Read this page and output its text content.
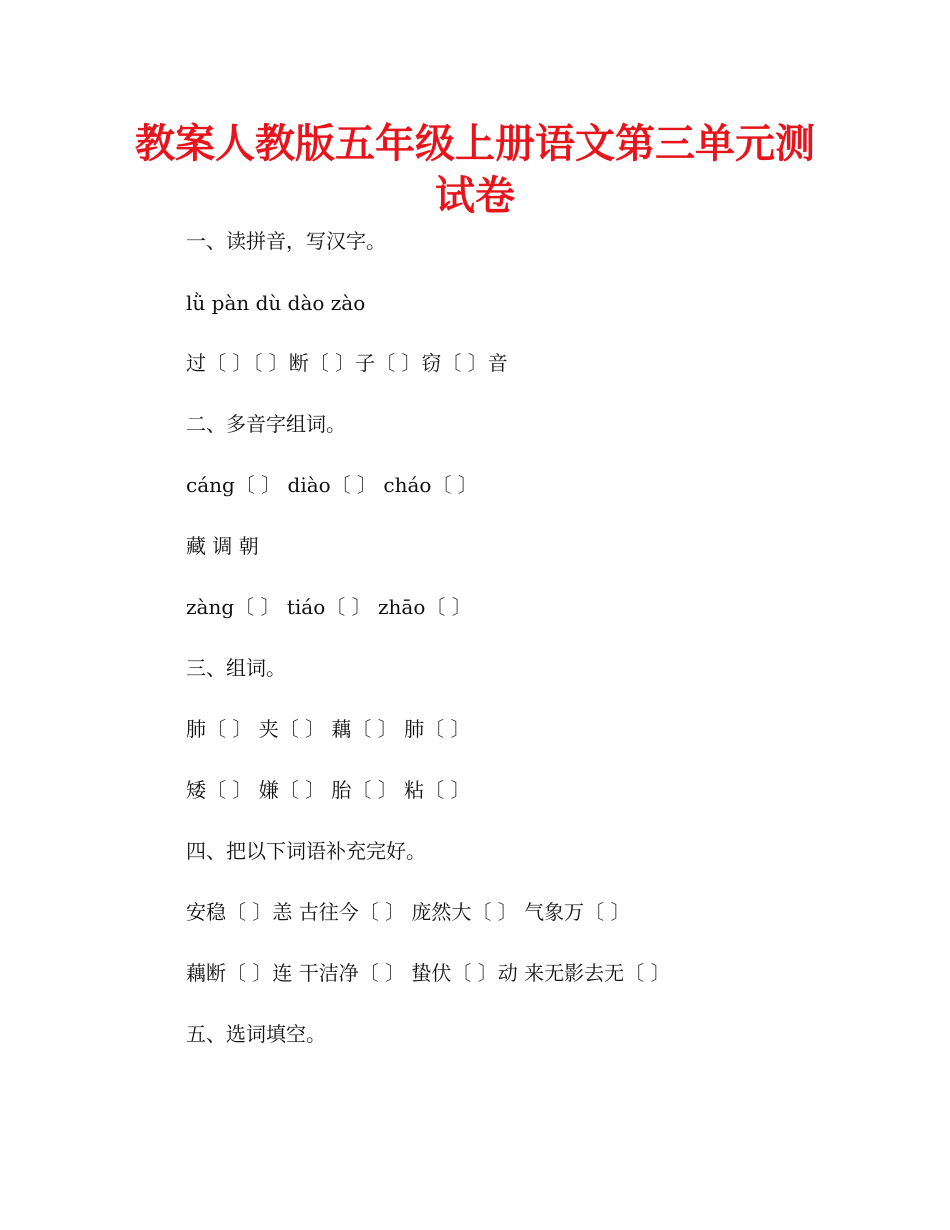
教案人教版五年级上册语文第三单元测试卷
一、读拼音，写汉字。
lǜ pàn dù dào zào
过〔 〕〔 〕断〔 〕子〔 〕窃〔 〕音
二、多音字组词。
cáng〔 〕 diào〔 〕 cháo〔 〕
藏 调 朝
zàng〔 〕 tiáo〔 〕 zhāo〔 〕
三、组词。
肺〔 〕 夹〔 〕 藕〔 〕 肺〔 〕
矮〔 〕 嫌〔 〕 胎〔 〕 粘〔 〕
四、把以下词语补充完好。
安稳〔 〕恙 古往今〔 〕 庞然大〔 〕 气象万〔 〕
藕断〔 〕连 干洁净〔 〕 蛰伏〔 〕动 来无影去无〔 〕
五、选词填空。
